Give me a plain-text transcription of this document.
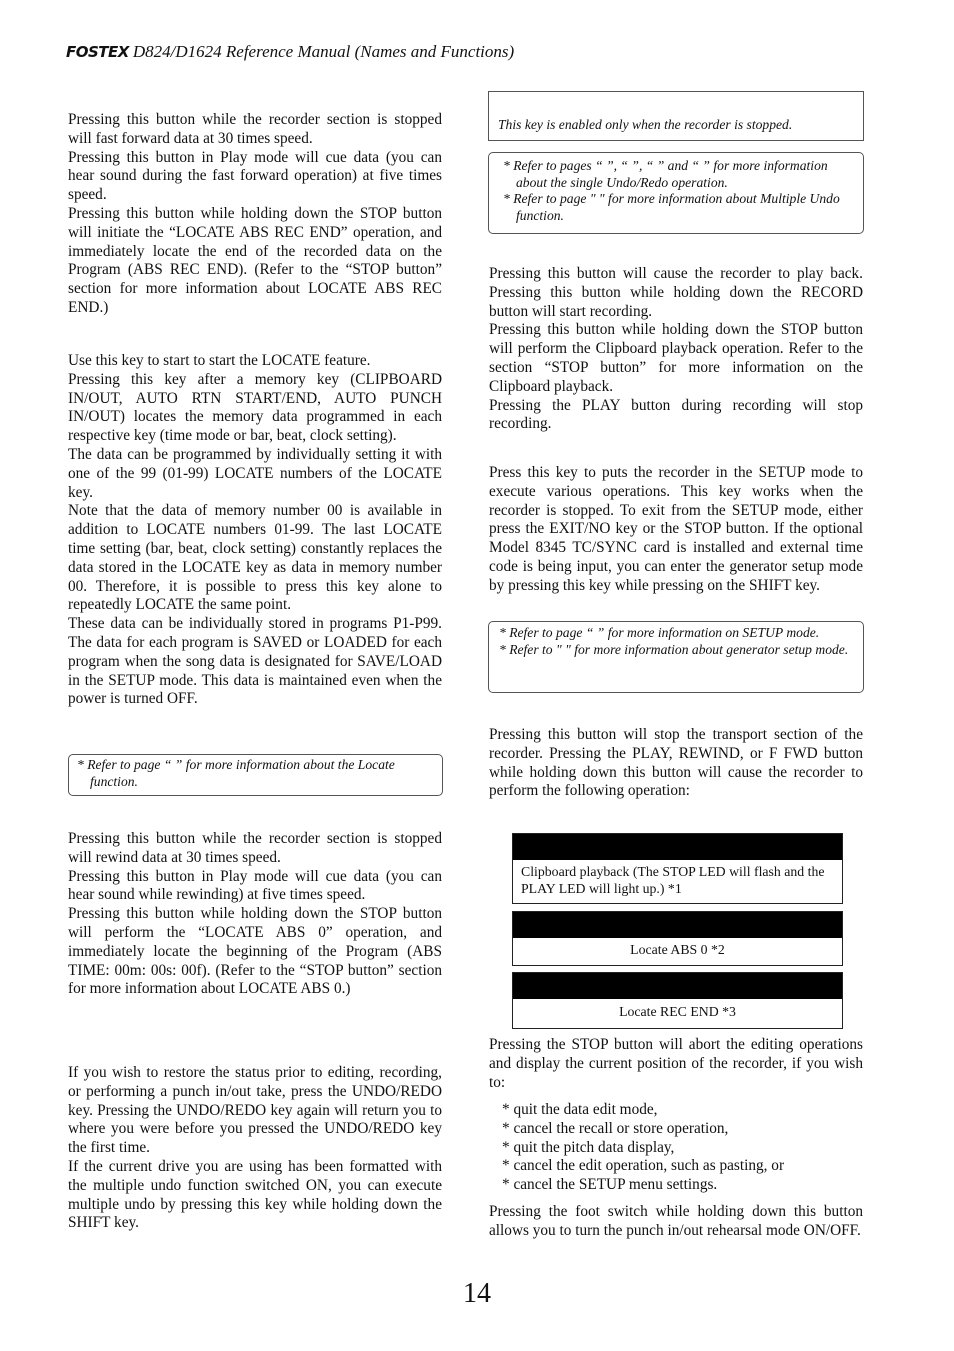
FOSTEX D824/D1624 Reference Manual (Names and Functions)
Pressing this button while the recorder section is stopped will fast forward data at 30 times speed.
Pressing this button in Play mode will cue data (you can hear sound during the fast forward operation) at five times speed.
Pressing this button while holding down the STOP button will initiate the “LOCATE ABS REC END” operation, and immediately locate the end of the recorded data on the Program (ABS REC END). (Refer to the “STOP button” section for more information about LOCATE ABS REC END.)
Use this key to start to start the LOCATE feature.
Pressing this key after a memory key (CLIPBOARD IN/OUT, AUTO RTN START/END, AUTO PUNCH IN/OUT) locates the memory data programmed in each respective key (time mode or bar, beat, clock setting).
The data can be programmed by individually setting it with one of the 99 (01-99) LOCATE numbers of the LOCATE key.
Note that the data of memory number 00 is available in addition to LOCATE numbers 01-99. The last LOCATE time setting (bar, beat, clock setting) constantly replaces the data stored in the LOCATE key as data in memory number 00. Therefore, it is possible to press this key alone to repeatedly LOCATE the same point.
These data can be individually stored in programs P1-P99. The data for each program is SAVED or LOADED for each program when the song data is designated for SAVE/LOAD in the SETUP mode. This data is maintained even when the power is turned OFF.
* Refer to page “ ” for more information about the Locate function.
Pressing this button while the recorder section is stopped will rewind data at 30 times speed.
Pressing this button in Play mode will cue data (you can hear sound while rewinding) at five times speed.
Pressing this button while holding down the STOP button will perform the “LOCATE ABS 0” operation, and immediately locate the beginning of the Program (ABS TIME: 00m: 00s: 00f). (Refer to the “STOP button” section for more information about LOCATE ABS 0.)
If you wish to restore the status prior to editing, recording, or performing a punch in/out take, press the UNDO/REDO key. Pressing the UNDO/REDO key again will return you to where you were before you pressed the UNDO/REDO key the first time.
If the current drive you are using has been formatted with the multiple undo function switched ON, you can execute multiple undo by pressing this key while holding down the SHIFT key.
This key is enabled only when the recorder is stopped.
* Refer to pages “ ”, “ ”, “ ” and “ ” for more information about the single Undo/Redo operation.
* Refer to page " " for more information about Multiple Undo function.
Pressing this button will cause the recorder to play back. Pressing this button while holding down the RECORD button will start recording.
Pressing this button while holding down the STOP button will perform the Clipboard playback operation. Refer to the section “STOP button” for more information on the Clipboard playback.
Pressing the PLAY button during recording will stop recording.
Press this key to puts the recorder in the SETUP mode to execute various operations. This key works when the recorder is stopped. To exit from the SETUP mode, either press the EXIT/NO key or the STOP button. If the optional Model 8345 TC/SYNC card is installed and external time code is being input, you can enter the generator setup mode by pressing this key while pressing on the SHIFT key.
* Refer to page “ ” for more information on SETUP mode.
* Refer to " " for more information about generator setup mode.
Pressing this button will stop the transport section of the recorder. Pressing the PLAY, REWIND, or F FWD button while holding down this button will cause the recorder to perform the following operation:
Clipboard playback (The STOP LED will flash and the PLAY LED will light up.) *1
Locate ABS 0 *2
Locate REC END *3
Pressing the STOP button will abort the editing operations and display the current position of the recorder, if you wish to:
* quit the data edit mode,
* cancel the recall or store operation,
* quit the pitch data display,
* cancel the edit operation, such as pasting, or
* cancel the SETUP menu settings.
Pressing the foot switch while holding down this button allows you to turn the punch in/out rehearsal mode ON/OFF.
14
